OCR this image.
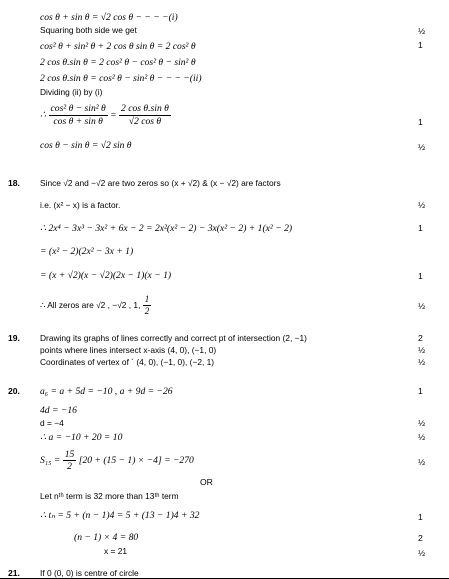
cos θ + sin θ = √2 cos θ − − − −(i)
Squaring both side we get
cos² θ + sin² θ + 2 cos θ sin θ = 2 cos² θ
2 cos θ.sin θ = 2 cos² θ − cos² θ − sin² θ
2 cos θ.sin θ = cos² θ − sin² θ − − − −(ii)
Dividing (ii) by (i)
∴ $\frac{\text{cos² θ − sin² θ}}{\text{cos θ + sin θ}} = \frac{\text{2 cos θ.sin θ}}{\text{√2 cos θ}}$
cos θ − sin θ = √2 sin θ
½
1
1
½
18. Since √2 and −√2 are two zeros so (x + √2) & (x − √2) are factors
i.e. (x² − x) is a factor.
∴ 2x⁴ − 3x³ − 3x² + 6x − 2 = 2x²(x² − 2) − 3x(x² − 2) + 1(x² − 2)
= (x² − 2)(2x² − 3x + 1)
= (x + √2)(x − √2)(2x − 1)(x − 1)
∴ All zeros are √2 , −√2 , 1, $\frac{1}{2}$
½
1
1
½
19. Drawing its graphs of lines correctly and correct pt of intersection (2, −1)
points where lines intersect x-axis (4, 0), (−1, 0)
Coordinates of vertex of ´ (4, 0), (−1, 0), (−2, 1)
2
½
½
20. a₆ = a + 5d = −10 , a + 9d = −26
4d = −16
d = −4
∴ a = −10 + 20 = 10
$S_{15} = \frac{15}{2} [20 + (15 - 1) \times -4] = -270$
OR
Let nᵗʰ term is 32 more than 13ᵗʰ term
∴ tₙ = 5 + (n − 1)4 = 5 + (13 − 1)4 + 32
(n − 1) × 4 = 80
x = 21
1
½
½
½
1
2
½
21. If 0 (0, 0) is centre of circle
